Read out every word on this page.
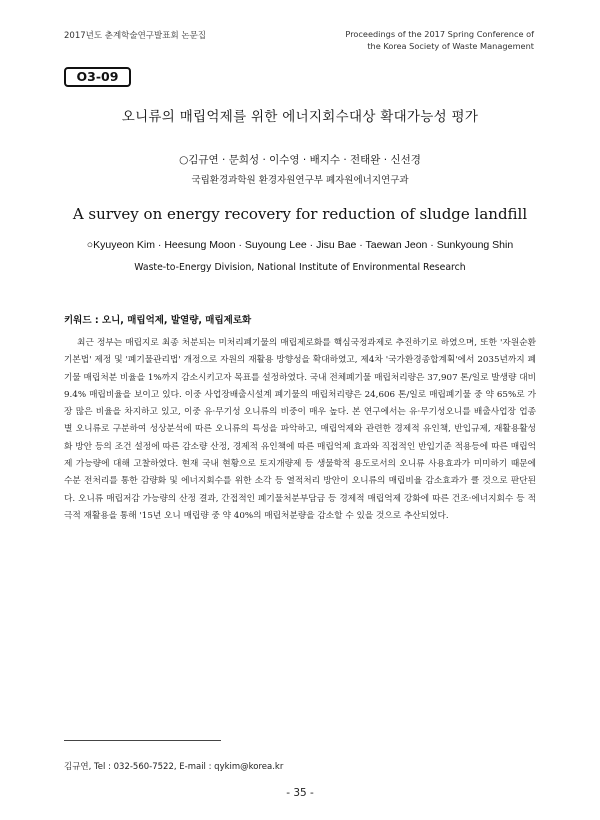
2017년도 춘계학술연구발표회 논문집	Proceedings of the 2017 Spring Conference of
the Korea Society of Waste Management
O3-09
오니류의 매립억제를 위한 에너지회수대상 확대가능성 평가
○김규연 · 문희성 · 이수영 · 배지수 · 전태완 · 신선경
국립환경과학원 환경자원연구부 폐자원에너지연구과
A survey on energy recovery for reduction of sludge landfill
○Kyuyeon Kim · Heesung Moon · Suyoung Lee · Jisu Bae · Taewan Jeon · Sunkyoung Shin
Waste-to-Energy Division, National Institute of Environmental Research
키워드 : 오니, 매립억제, 발열량, 매립제로화

최근 정부는 매립지로 최종 처분되는 미처리폐기물의 매립제로화를 핵심국정과제로 추진하기로 하였으며, 또한 '자원순환기본법' 제정 및 '폐기물관리법' 개정으로 자원의 재활용 방향성을 확대하였고, 제4차 '국가환경종합계획'에서 2035년까지 폐기물 매립처분 비율을 1%까지 감소시키고자 목표를 설정하였다. 국내 전체폐기물 매립처리량은 37,907 톤/일로 발생량 대비 9.4% 매립비율을 보이고 있다. 이중 사업장배출시설계 폐기물의 매립처리량은 24,606 톤/일로 매립폐기물 중 약 65%로 가장 많은 비율을 차지하고 있고, 이중 유·무기성 오니류의 비중이 매우 높다. 본 연구에서는 유·무기성오니를 배출사업장 업종별 오니류로 구분하여 성상분석에 따른 오니류의 특성을 파악하고, 매립억제와 관련한 경제적 유인책, 반입규제, 재활용활성화 방안 등의 조건 설정에 따른 감소량 산정, 경제적 유인책에 따른 매립억제 효과와 직접적인 반입기준 적용등에 따른 매립억제 가능량에 대해 고찰하였다. 현재 국내 현황으로 토지개량제 등 생물학적 용도로서의 오니류 사용효과가 미미하기 때문에 수분 전처리를 통한 감량화 및 에너지회수를 위한 소각 등 열적처리 방안이 오니류의 매립비율 감소효과가 클 것으로 판단된다. 오니류 매립저감 가능량의 산정 결과, 간접적인 폐기물처분부담금 등 경제적 매립억제 강화에 따른 건조·에너지회수 등 적극적 재활용을 통해 '15년 오니 매립량 중 약 40%의 매립처분량을 감소할 수 있을 것으로 추산되었다.

김규연, Tel : 032-560-7522, E-mail : qykim@korea.kr
- 35 -
